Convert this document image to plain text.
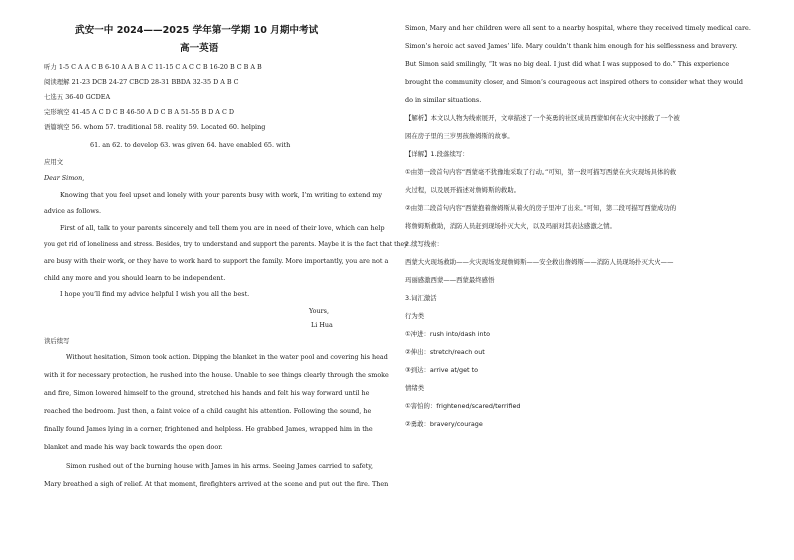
武安一中 2024——2025 学年第一学期 10 月期中考试
高一英语
听力 1-5 C A A C B 6-10 A A B A C 11-15 C A C C B 16-20 B C B A B
阅读理解 21-23 DCB 24-27 CBCD 28-31 BBDA 32-35 D A B C
七选五 36-40 GCDEA
完形填空 41-45 A C D C B 46-50 A D C B A 51-55 B D A C D
语篇填空 56. whom 57. traditional 58. reality 59. Located 60. helping
61. an 62. to develop 63. was given 64. have enabled 65. with
应用文
Dear Simon,
Knowing that you feel upset and lonely with your parents busy with work, I’m writing to extend my
advice as follows.
First of all, talk to your parents sincerely and tell them you are in need of their love, which can help
you get rid of loneliness and stress. Besides, try to understand and support the parents. Maybe it is the fact that they
are busy with their work, or they have to work hard to support the family. More importantly, you are not a
child any more and you should learn to be independent.
I hope you’ll find my advice helpful I wish you all the best.
Yours,
Li Hua
读后续写
Without hesitation, Simon took action. Dipping the blanket in the water pool and covering his head
with it for necessary protection, he rushed into the house. Unable to see things clearly through the smoke
and fire, Simon lowered himself to the ground, stretched his hands and felt his way forward until he
reached the bedroom. Just then, a faint voice of a child caught his attention. Following the sound, he
finally found James lying in a corner, frightened and helpless. He grabbed James, wrapped him in the
blanket and made his way back towards the open door.
Simon rushed out of the burning house with James in his arms. Seeing James carried to safety,
Mary breathed a sigh of relief. At that moment, firefighters arrived at the scene and put out the fire. Then
Simon, Mary and her children were all sent to a nearby hospital, where they received timely medical care.
Simon’s heroic act saved James’ life. Mary couldn’t thank him enough for his selflessness and bravery.
But Simon said smilingly, “It was no big deal. I just did what I was supposed to do.” This experience
brought the community closer, and Simon’s courageous act inspired others to consider what they would
do in similar situations.
【解析】本文以人物为线索展开，文章描述了一个英勇的社区成员西蒙如何在火灾中拯救了一个被
困在房子里的三岁男孩詹姆斯的故事。
【详解】1.段落续写：
①由第一段首句内容“西蒙毫不犹豫地采取了行动。”可知，第一段可描写西蒙在火灾现场具体的救
火过程，以及展开描述对詹姆斯的救助。
②由第二段首句内容“西蒙抱着詹姆斯从着火的房子里冲了出来。”可知，第二段可描写西蒙成功的
将詹姆斯救助，消防人员赶到现场扑灭大火，以及玛丽对其表达感激之情。
2.续写线索：
西蒙大火现场救助——火灾现场发现詹姆斯——安全救出詹姆斯——消防人员现场扑灭大火——
玛丽感激西蒙——西蒙最终感悟
3.词汇激活
行为类
①冲进：rush into/dash into
②伸出：stretch/reach out
③到达：arrive at/get to
情绪类
①害怕的：frightened/scared/terrified
②勇敢：bravery/courage
